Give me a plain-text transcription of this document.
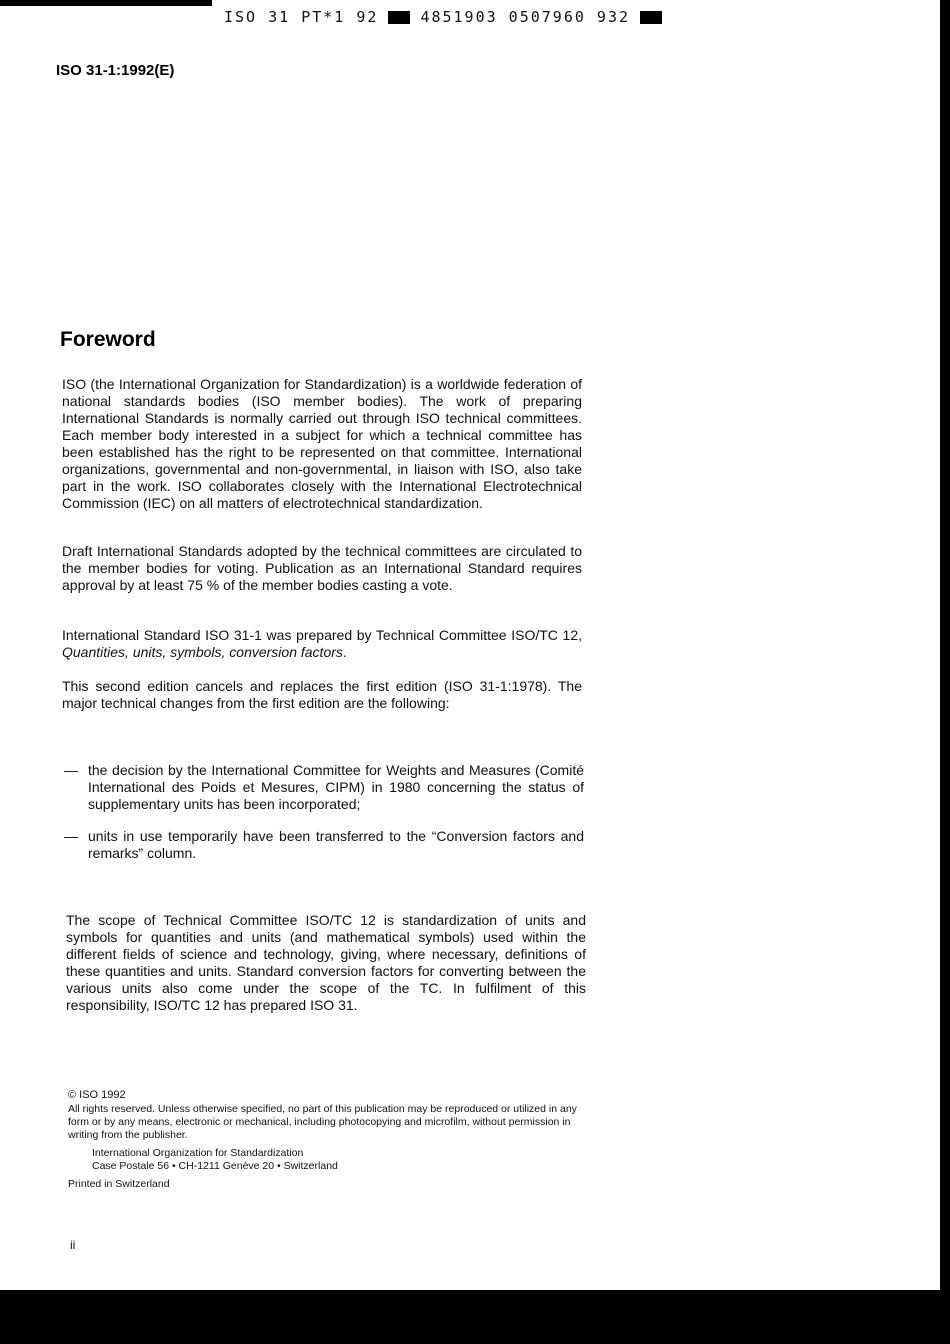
ISO 31 PT*1 92	4851903 0507960 932
ISO 31-1:1992(E)
Foreword

ISO (the International Organization for Standardization) is a worldwide federation of national standards bodies (ISO member bodies). The work of preparing International Standards is normally carried out through ISO technical committees. Each member body interested in a subject for which a technical committee has been established has the right to be represented on that committee. International organizations, governmental and non-governmental, in liaison with ISO, also take part in the work. ISO collaborates closely with the International Electrotechnical Commission (IEC) on all matters of electrotechnical standardization.

Draft International Standards adopted by the technical committees are circulated to the member bodies for voting. Publication as an International Standard requires approval by at least 75 % of the member bodies casting a vote.

International Standard ISO 31-1 was prepared by Technical Committee ISO/TC 12, Quantities, units, symbols, conversion factors.

This second edition cancels and replaces the first edition (ISO 31-1:1978). The major technical changes from the first edition are the following:

— the decision by the International Committee for Weights and Measures (Comité International des Poids et Mesures, CIPM) in 1980 concerning the status of supplementary units has been incorporated;
— units in use temporarily have been transferred to the “Conversion factors and remarks” column.

The scope of Technical Committee ISO/TC 12 is standardization of units and symbols for quantities and units (and mathematical symbols) used within the different fields of science and technology, giving, where necessary, definitions of these quantities and units. Standard conversion factors for converting between the various units also come under the scope of the TC. In fulfilment of this responsibility, ISO/TC 12 has prepared ISO 31.

© ISO 1992
All rights reserved. Unless otherwise specified, no part of this publication may be reproduced or utilized in any form or by any means, electronic or mechanical, including photocopying and microfilm, without permission in writing from the publisher.
International Organization for Standardization
Case Postale 56 • CH-1211 Genève 20 • Switzerland
Printed in Switzerland
ii
